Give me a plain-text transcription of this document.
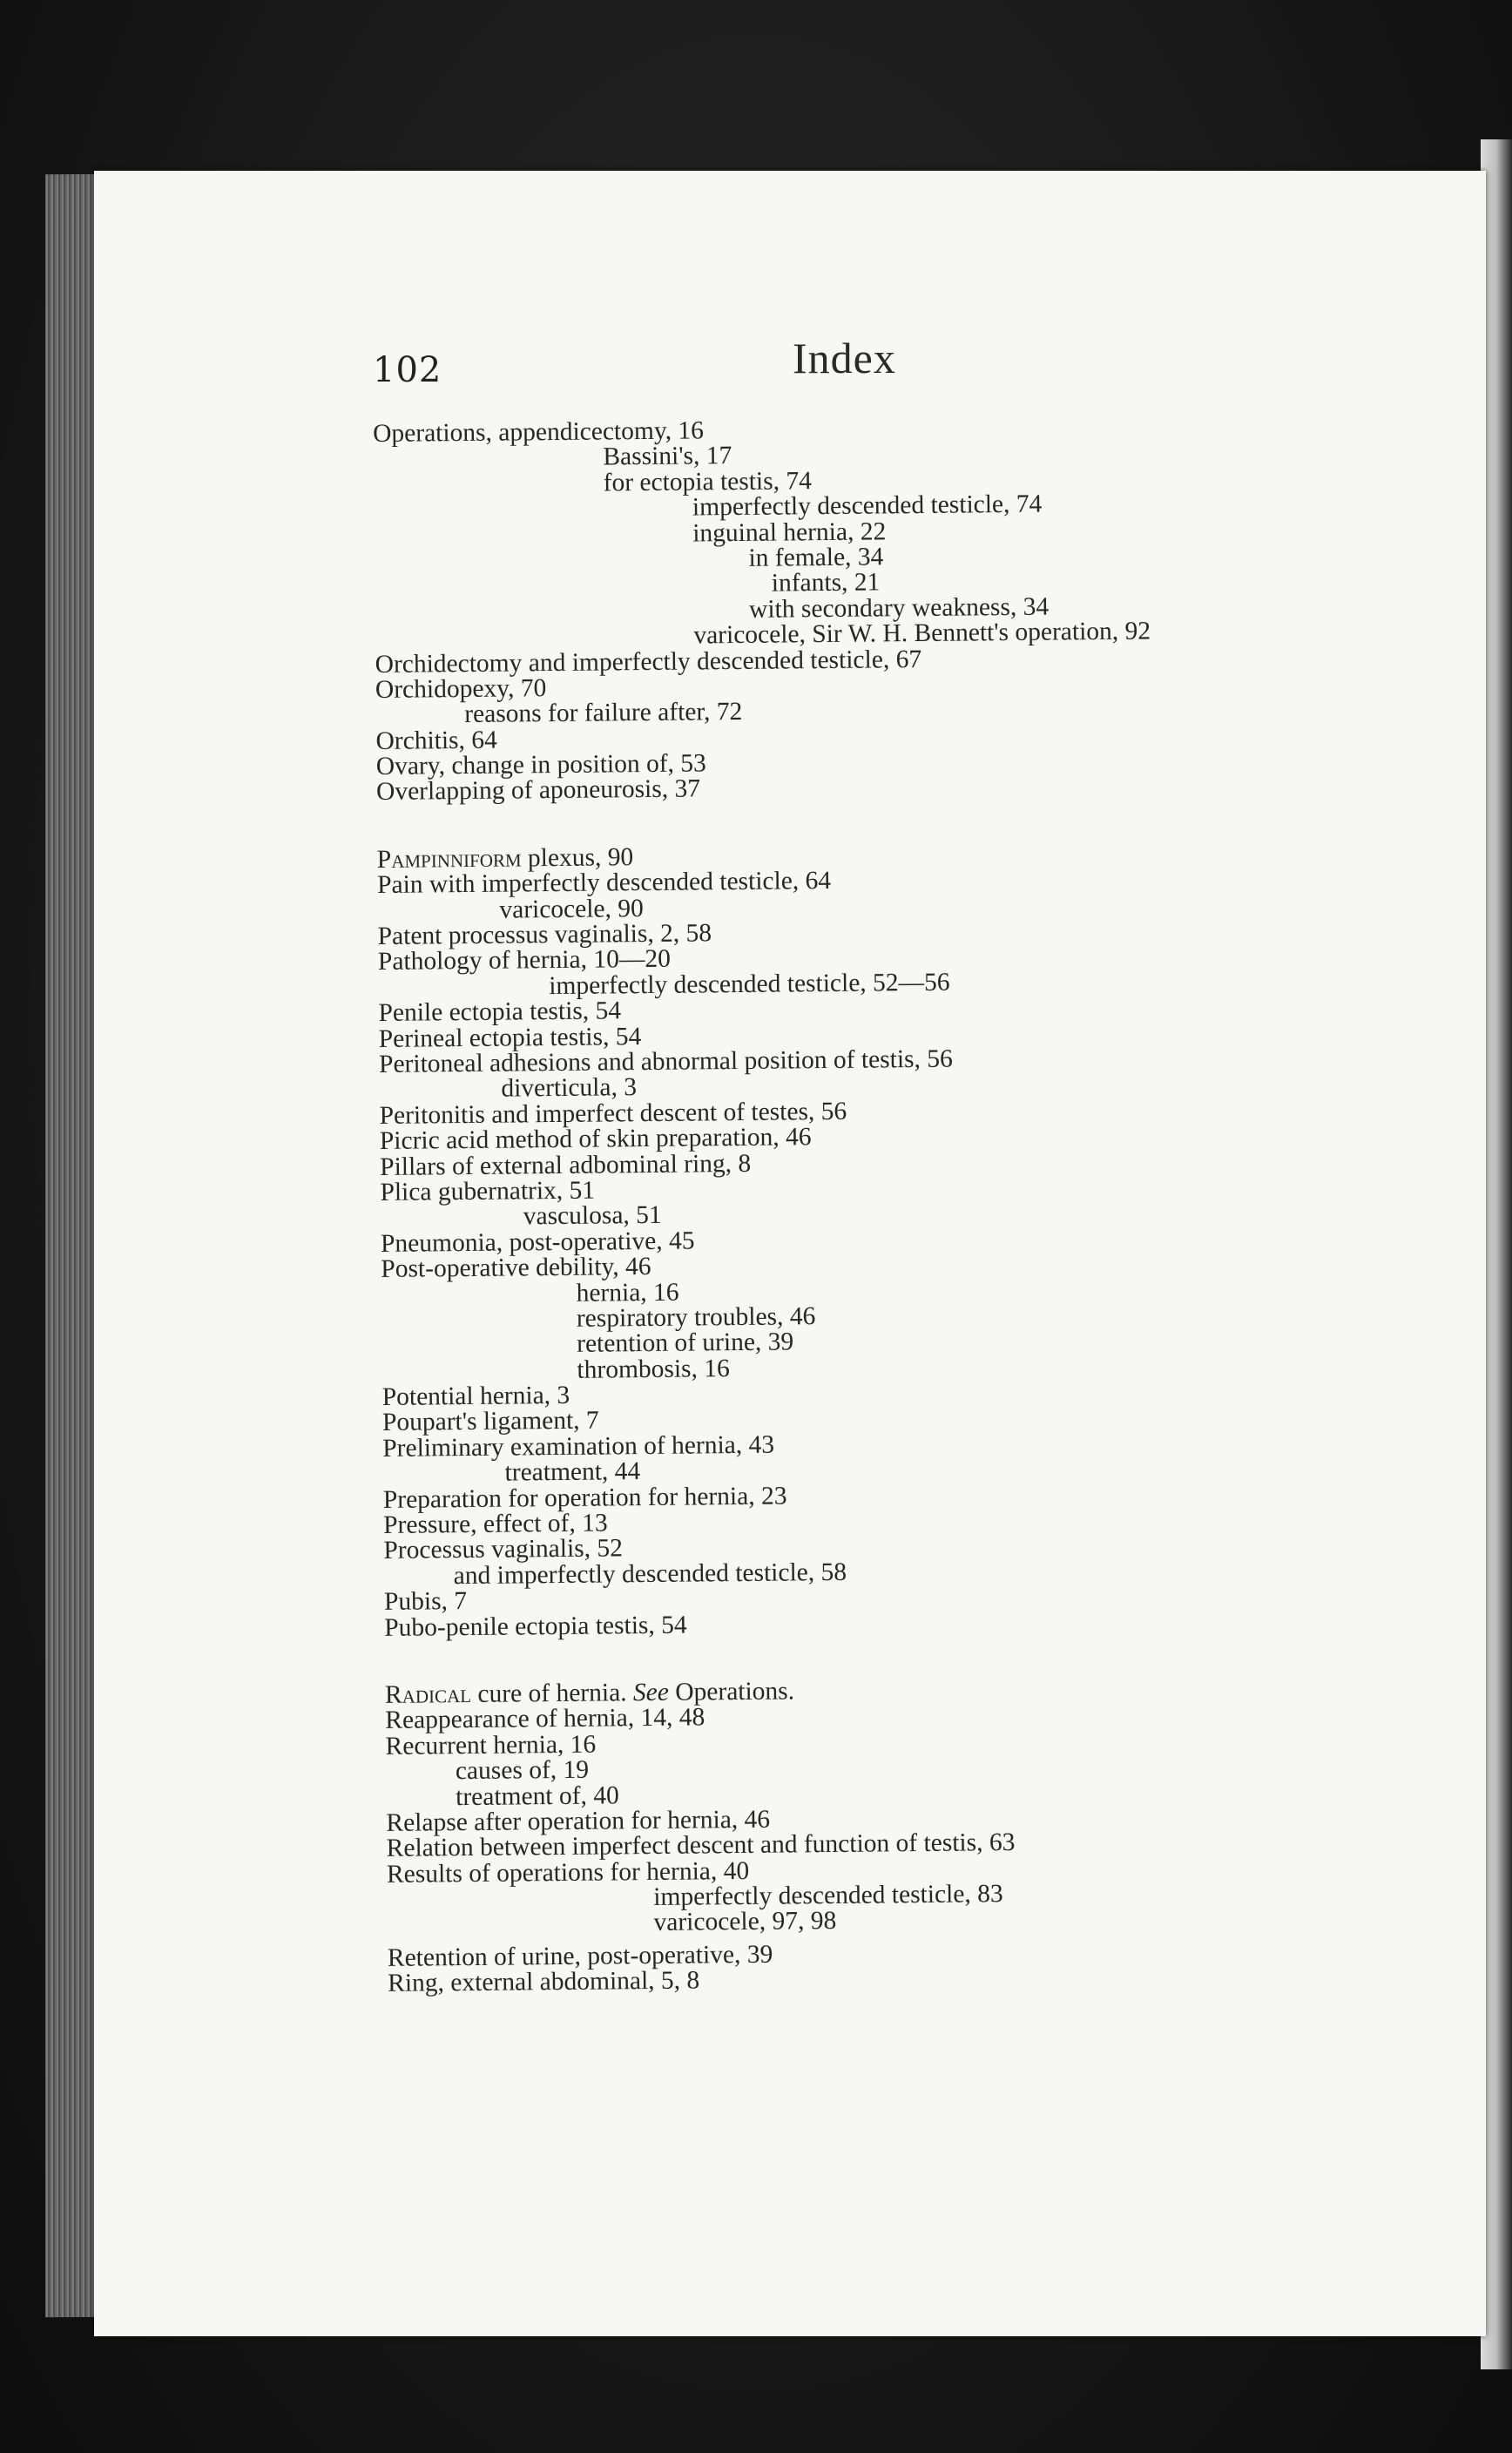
102	Index
Operations, appendicectomy, 16
Bassini's, 17
for ectopia testis, 74
imperfectly descended testicle, 74
inguinal hernia, 22
in female, 34
infants, 21
with secondary weakness, 34
varicocele, Sir W. H. Bennett's operation, 92
Orchidectomy and imperfectly descended testicle, 67
Orchidopexy, 70
reasons for failure after, 72
Orchitis, 64
Ovary, change in position of, 53
Overlapping of aponeurosis, 37
Pampinniform plexus, 90
Pain with imperfectly descended testicle, 64
varicocele, 90
Patent processus vaginalis, 2, 58
Pathology of hernia, 10—20
imperfectly descended testicle, 52—56
Penile ectopia testis, 54
Perineal ectopia testis, 54
Peritoneal adhesions and abnormal position of testis, 56
diverticula, 3
Peritonitis and imperfect descent of testes, 56
Picric acid method of skin preparation, 46
Pillars of external adbominal ring, 8
Plica gubernatrix, 51
vasculosa, 51
Pneumonia, post-operative, 45
Post-operative debility, 46
hernia, 16
respiratory troubles, 46
retention of urine, 39
thrombosis, 16
Potential hernia, 3
Poupart's ligament, 7
Preliminary examination of hernia, 43
treatment, 44
Preparation for operation for hernia, 23
Pressure, effect of, 13
Processus vaginalis, 52
and imperfectly descended testicle, 58
Pubis, 7
Pubo-penile ectopia testis, 54
Radical cure of hernia. See Operations.
Reappearance of hernia, 14, 48
Recurrent hernia, 16
causes of, 19
treatment of, 40
Relapse after operation for hernia, 46
Relation between imperfect descent and function of testis, 63
Results of operations for hernia, 40
imperfectly descended testicle, 83
varicocele, 97, 98
Retention of urine, post-operative, 39
Ring, external abdominal, 5, 8
